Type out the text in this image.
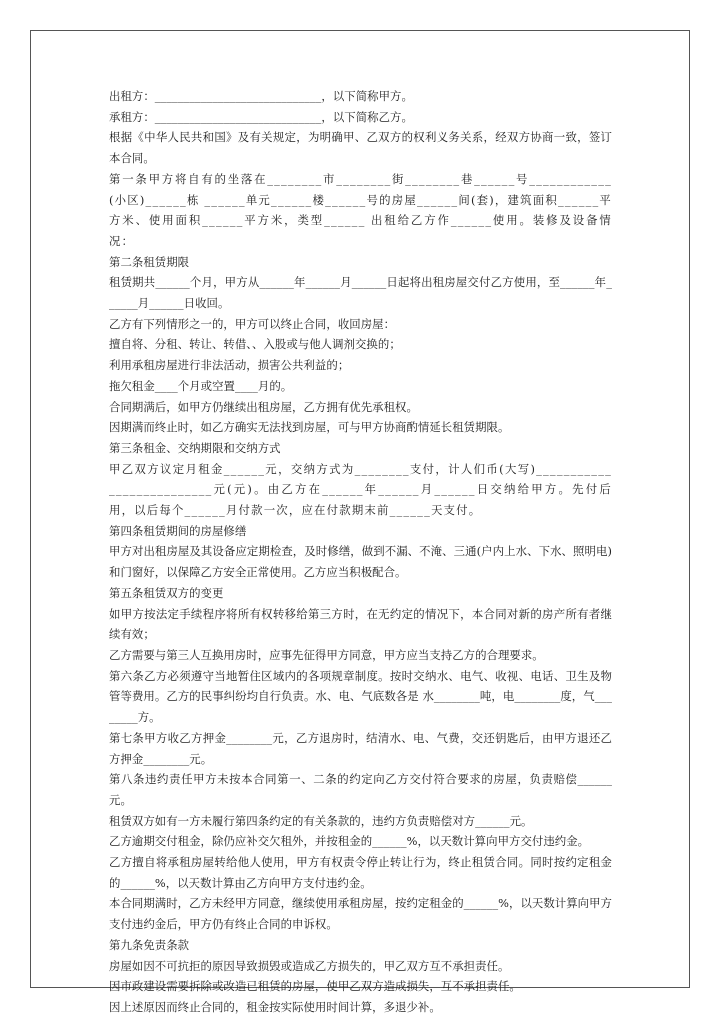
出租方：_____________________________，以下简称甲方。

承租方：_____________________________，以下简称乙方。

根据《中华人民共和国》及有关规定，为明确甲、乙双方的权利义务关系，经双方协商一致，签订本合同。

第一条甲方将自有的坐落在________市________街________巷______号____________(小区)______栋 ______单元______楼______号的房屋______间(套)，建筑面积______平方米、使用面积______平方米，类型______ 出租给乙方作______使用。装修及设备情况：

第二条租赁期限

租赁期共______个月，甲方从______年______月______日起将出租房屋交付乙方使用，至______年______月______日收回。

乙方有下列情形之一的，甲方可以终止合同，收回房屋：

擅自将、分租、转让、转借、、入股或与他人调剂交换的；

利用承租房屋进行非法活动，损害公共利益的；

拖欠租金____个月或空置____月的。

合同期满后，如甲方仍继续出租房屋，乙方拥有优先承租权。

因期满而终止时，如乙方确实无法找到房屋，可与甲方协商酌情延长租赁期限。

第三条租金、交纳期限和交纳方式

甲乙双方议定月租金______元，交纳方式为________支付，计人们币(大写)__________________________元(元)。由乙方在______年______月______日交纳给甲方。先付后用，以后每个______月付款一次，应在付款期末前______天支付。

第四条租赁期间的房屋修缮

甲方对出租房屋及其设备应定期检查，及时修缮，做到不漏、不淹、三通(户内上水、下水、照明电)和门窗好，以保障乙方安全正常使用。乙方应当积极配合。

第五条租赁双方的变更

如甲方按法定手续程序将所有权转移给第三方时，在无约定的情况下，本合同对新的房产所有者继续有效；

乙方需要与第三人互换用房时，应事先征得甲方同意，甲方应当支持乙方的合理要求。

第六条乙方必须遵守当地暂住区域内的各项规章制度。按时交纳水、电气、收视、电话、卫生及物管等费用。乙方的民事纠纷均自行负责。水、电、气底数各是 水________吨，电________度，气________方。

第七条甲方收乙方押金________元，乙方退房时，结清水、电、气费，交还钥匙后，由甲方退还乙方押金________元。

第八条违约责任甲方未按本合同第一、二条的约定向乙方交付符合要求的房屋，负责赔偿______元。

租赁双方如有一方未履行第四条约定的有关条款的，违约方负责赔偿对方______元。

乙方逾期交付租金，除仍应补交欠租外，并按租金的______%，以天数计算向甲方交付违约金。

乙方擅自将承租房屋转给他人使用，甲方有权责令停止转让行为，终止租赁合同。同时按约定租金的______%，以天数计算由乙方向甲方支付违约金。

本合同期满时，乙方未经甲方同意，继续使用承租房屋，按约定租金的______%，以天数计算向甲方支付违约金后，甲方仍有终止合同的申诉权。

第九条免责条款

房屋如因不可抗拒的原因导致损毁或造成乙方损失的，甲乙双方互不承担责任。

因市政建设需要拆除或改造已租赁的房屋，使甲乙双方造成损失，互不承担责任。

因上述原因而终止合同的，租金按实际使用时间计算，多退少补。
